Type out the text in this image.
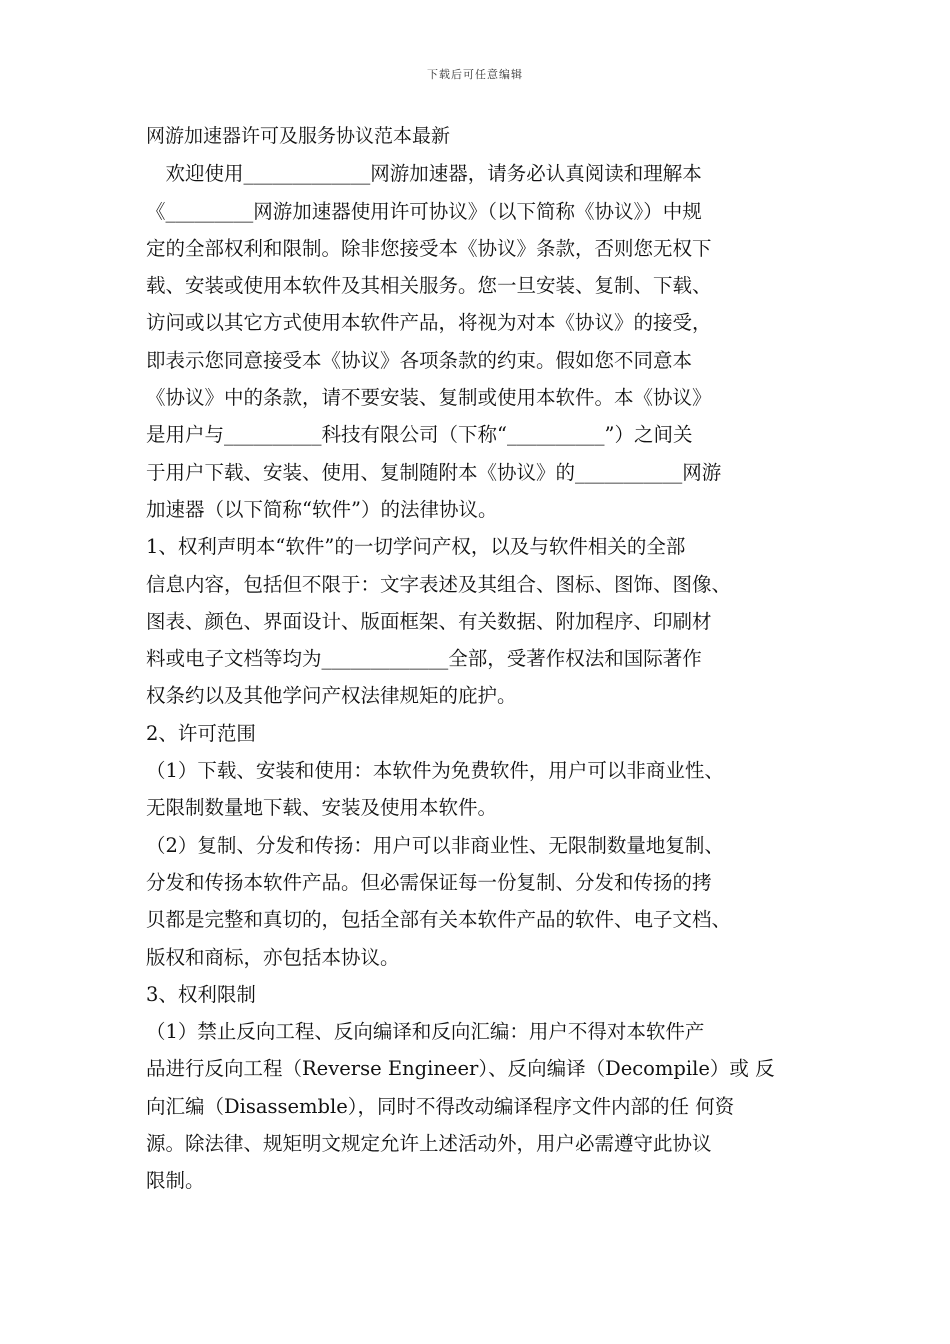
下载后可任意编辑
网游加速器许可及服务协议范本最新
　欢迎使用_____________网游加速器，请务必认真阅读和理解本
《_________网游加速器使用许可协议》（以下简称《协议》）中规
定的全部权利和限制。除非您接受本《协议》条款，否则您无权下
载、安装或使用本软件及其相关服务。您一旦安装、复制、下载、
访问或以其它方式使用本软件产品，将视为对本《协议》的接受，
即表示您同意接受本《协议》各项条款的约束。假如您不同意本
《协议》中的条款，请不要安装、复制或使用本软件。本《协议》
是用户与__________科技有限公司（下称“__________”）之间关
于用户下载、安装、使用、复制随附本《协议》的___________网游
加速器（以下简称“软件”）的法律协议。
1、权利声明本“软件”的一切学问产权，以及与软件相关的全部
信息内容，包括但不限于：文字表述及其组合、图标、图饰、图像、
图表、颜色、界面设计、版面框架、有关数据、附加程序、印刷材
料或电子文档等均为_____________全部，受著作权法和国际著作
权条约以及其他学问产权法律规矩的庇护。
2、许可范围
（1）下载、安装和使用：本软件为免费软件，用户可以非商业性、
无限制数量地下载、安装及使用本软件。
（2）复制、分发和传扬：用户可以非商业性、无限制数量地复制、
分发和传扬本软件产品。但必需保证每一份复制、分发和传扬的拷
贝都是完整和真切的，包括全部有关本软件产品的软件、电子文档、
版权和商标，亦包括本协议。
3、权利限制
（1）禁止反向工程、反向编译和反向汇编：用户不得对本软件产
品进行反向工程（Reverse Engineer）、反向编译（Decompile）或 反
向汇编（Disassemble），同时不得改动编译程序文件内部的任 何资
源。除法律、规矩明文规定允许上述活动外，用户必需遵守此协议
限制。
